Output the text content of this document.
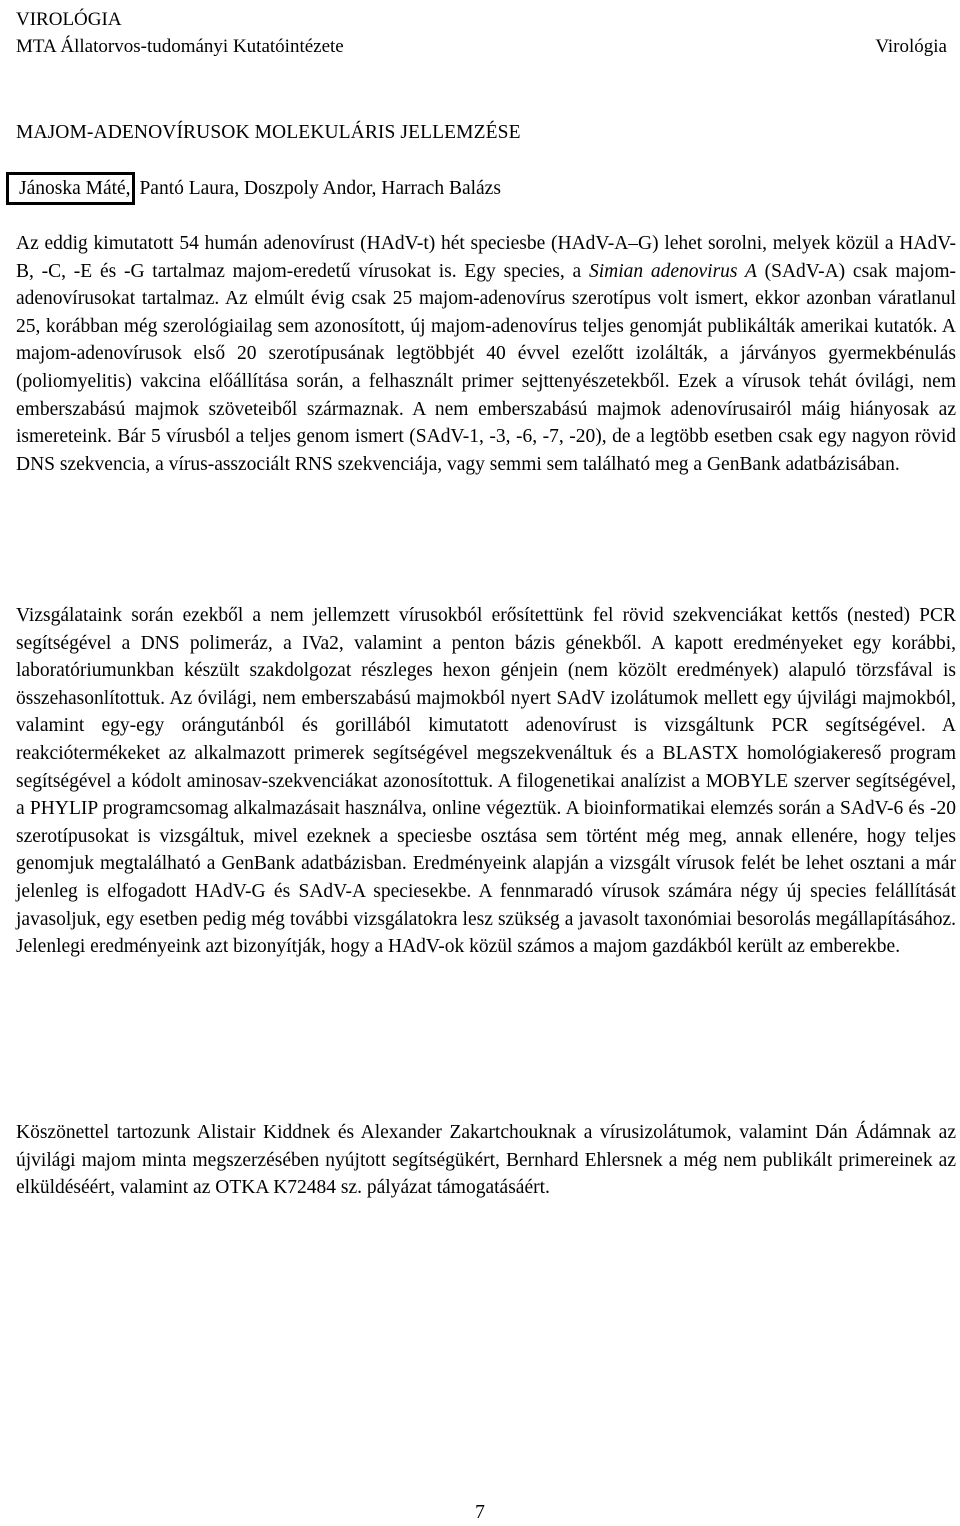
VIROLÓGIA
MTA Állatorvos-tudományi Kutatóintézete	Virológia
MAJOM-ADENOVÍRUSOK MOLEKULÁRIS JELLEMZÉSE
Jánoska Máté, Pantó Laura, Doszpoly Andor, Harrach Balázs

Az eddig kimutatott 54 humán adenovírust (HAdV-t) hét speciesbe (HAdV-A–G) lehet sorolni, melyek közül a HAdV-B, -C, -E és -G tartalmaz majom-eredetű vírusokat is. Egy species, a Simian adenovirus A (SAdV-A) csak majom-adenovírusokat tartalmaz. Az elmúlt évig csak 25 majom-adenovírus szerotípus volt ismert, ekkor azonban váratlanul 25, korábban még szerológiailag sem azonosított, új majom-adenovírus teljes genomját publikálták amerikai kutatók. A majom-adenovírusok első 20 szerotípusának legtöbbjét 40 évvel ezelőtt izolálták, a járványos gyermekbénulás (poliomyelitis) vakcina előállítása során, a felhasznált primer sejttenyészetekből. Ezek a vírusok tehát óvilági, nem emberszabású majmok szöveteiből származnak. A nem emberszabású majmok adenovírusairól máig hiányosak az ismereteink. Bár 5 vírusból a teljes genom ismert (SAdV-1, -3, -6, -7, -20), de a legtöbb esetben csak egy nagyon rövid DNS szekvencia, a vírus-asszociált RNS szekvenciája, vagy semmi sem található meg a GenBank adatbázisában.

Vizsgálataink során ezekből a nem jellemzett vírusokból erősítettünk fel rövid szekvenciákat kettős (nested) PCR segítségével a DNS polimeráz, a IVa2, valamint a penton bázis génekből. A kapott eredményeket egy korábbi, laboratóriumunkban készült szakdolgozat részleges hexon génjein (nem közölt eredmények) alapuló törzsfával is összehasonlítottuk. Az óvilági, nem emberszabású majmokból nyert SAdV izolátumok mellett egy újvilági majmokból, valamint egy-egy orángutánból és gorillából kimutatott adenovírust is vizsgáltunk PCR segítségével. A reakciótermékeket az alkalmazott primerek segítségével megszekvenáltuk és a BLASTX homológiakereső program segítségével a kódolt aminosav-szekvenciákat azonosítottuk. A filogenetikai analízist a MOBYLE szerver segítségével, a PHYLIP programcsomag alkalmazásait használva, online végeztük. A bioinformatikai elemzés során a SAdV-6 és -20 szerotípusokat is vizsgáltuk, mivel ezeknek a speciesbe osztása sem történt még meg, annak ellenére, hogy teljes genomjuk megtalálható a GenBank adatbázisban. Eredményeink alapján a vizsgált vírusok felét be lehet osztani a már jelenleg is elfogadott HAdV-G és SAdV-A speciesekbe. A fennmaradó vírusok számára négy új species felállítását javasoljuk, egy esetben pedig még további vizsgálatokra lesz szükség a javasolt taxonómiai besorolás megállapításához. Jelenlegi eredményeink azt bizonyítják, hogy a HAdV-ok közül számos a majom gazdákból került az emberekbe.

Köszönettel tartozunk Alistair Kiddnek és Alexander Zakartchouknak a vírusizolátumok, valamint Dán Ádámnak az újvilági majom minta megszerzésében nyújtott segítségükért, Bernhard Ehlersnek a még nem publikált primereinek az elküldéséért, valamint az OTKA K72484 sz. pályázat támogatásáért.

7
